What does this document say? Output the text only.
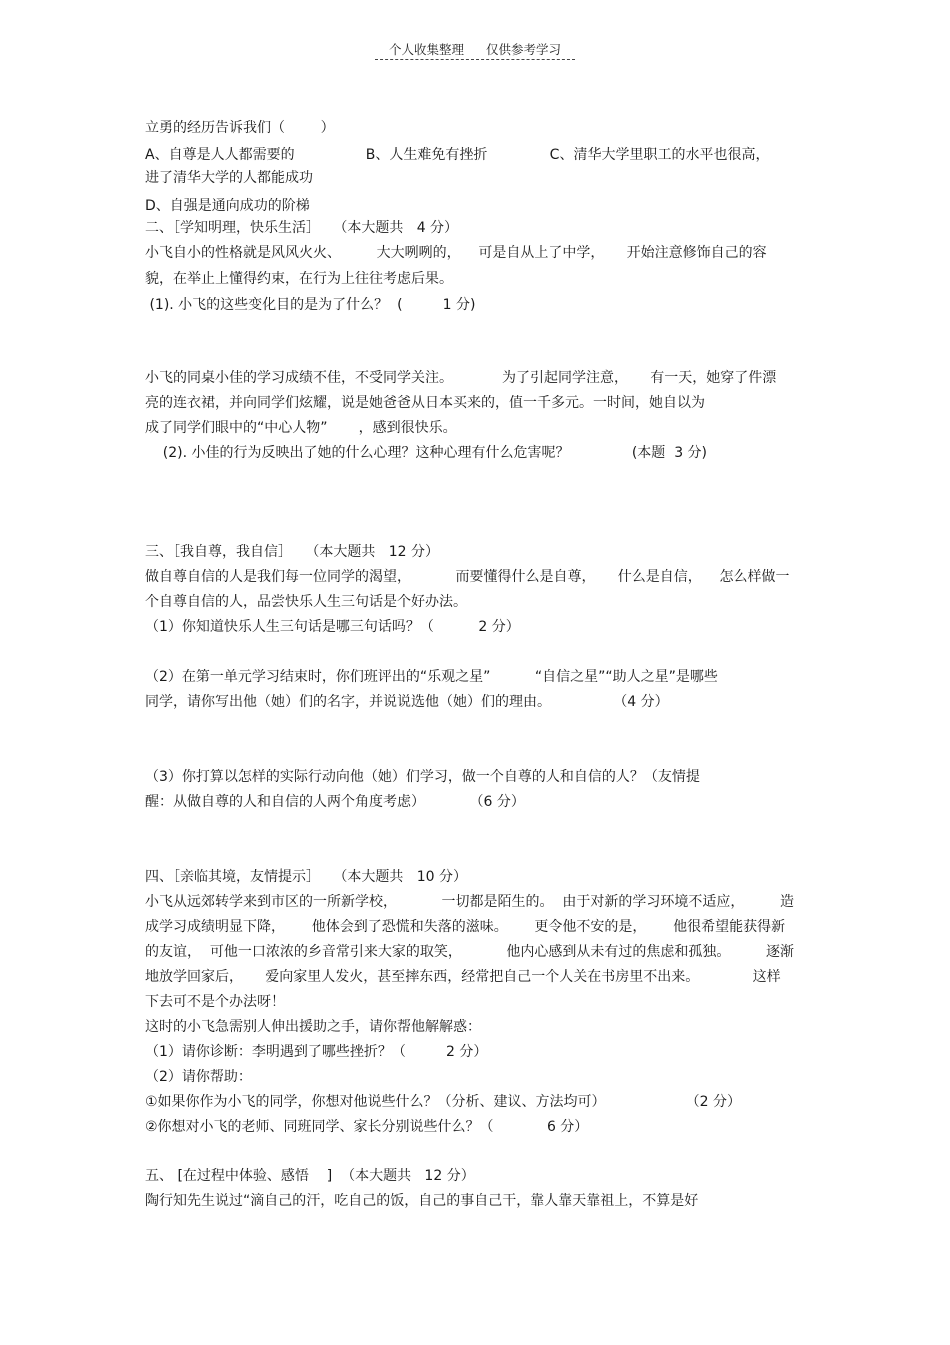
个人收集整理 仅供参考学习
立勇的经历告诉我们（        ）
A、自尊是人人都需要的                B、人生难免有挫折              C、清华大学里职工的水平也很高，
进了清华大学的人都能成功
D、自强是通向成功的阶梯
二、［学知明理，快乐生活］   （本大题共   4 分）
小飞自小的性格就是风风火火、        大大咧咧的，    可是自从上了中学，     开始注意修饰自己的容
貌，在举止上懂得约束，在行为上往往考虑后果。
(1). 小飞的这些变化目的是为了什么？  (         1 分)
小飞的同桌小佳的学习成绩不佳，不受同学关注。           为了引起同学注意，     有一天，她穿了件漂
亮的连衣裙，并向同学们炫耀，说是她爸爸从日本买来的，值一千多元。一时间，她自以为
成了同学们眼中的“中心人物”       ，感到很快乐。
(2). 小佳的行为反映出了她的什么心理？这种心理有什么危害呢？              (本题  3 分)
三、［我自尊，我自信］   （本大题共   12 分）
做自尊自信的人是我们每一位同学的渴望，          而要懂得什么是自尊，     什么是自信，    怎么样做一
个自尊自信的人，品尝快乐人生三句话是个好办法。
（1）你知道快乐人生三句话是哪三句话吗？（          2 分）
（2）在第一单元学习结束时，你们班评出的“乐观之星”          “自信之星”“助人之星”是哪些
同学，请你写出他（她）们的名字，并说说选他（她）们的理由。              （4 分）
（3）你打算以怎样的实际行动向他（她）们学习，做一个自尊的人和自信的人？（友情提
醒：从做自尊的人和自信的人两个角度考虑）          （6 分）
四、［亲临其境，友情提示］   （本大题共   10 分）
小飞从远郊转学来到市区的一所新学校，          一切都是陌生的。  由于对新的学习环境不适应，        造
成学习成绩明显下降，      他体会到了恐慌和失落的滋味。      更令他不安的是，      他很希望能获得新
的友谊，  可他一口浓浓的乡音常引来大家的取笑，          他内心感到从未有过的焦虑和孤独。        逐渐
地放学回家后，     爱向家里人发火，甚至摔东西，经常把自己一个人关在书房里不出来。            这样
下去可不是个办法呀！
这时的小飞急需别人伸出援助之手，请你帮他解解惑：
（1）请你诊断：李明遇到了哪些挫折？（         2 分）
（2）请你帮助：
①如果你作为小飞的同学，你想对他说些什么？（分析、建议、方法均可）                  （2 分）
②你想对小飞的老师、同班同学、家长分别说些什么？（            6 分）
五、 [在过程中体验、感悟    ]  （本大题共   12 分）
陶行知先生说过“滴自己的汗，吃自己的饭，自己的事自己干，靠人靠天靠祖上，不算是好
